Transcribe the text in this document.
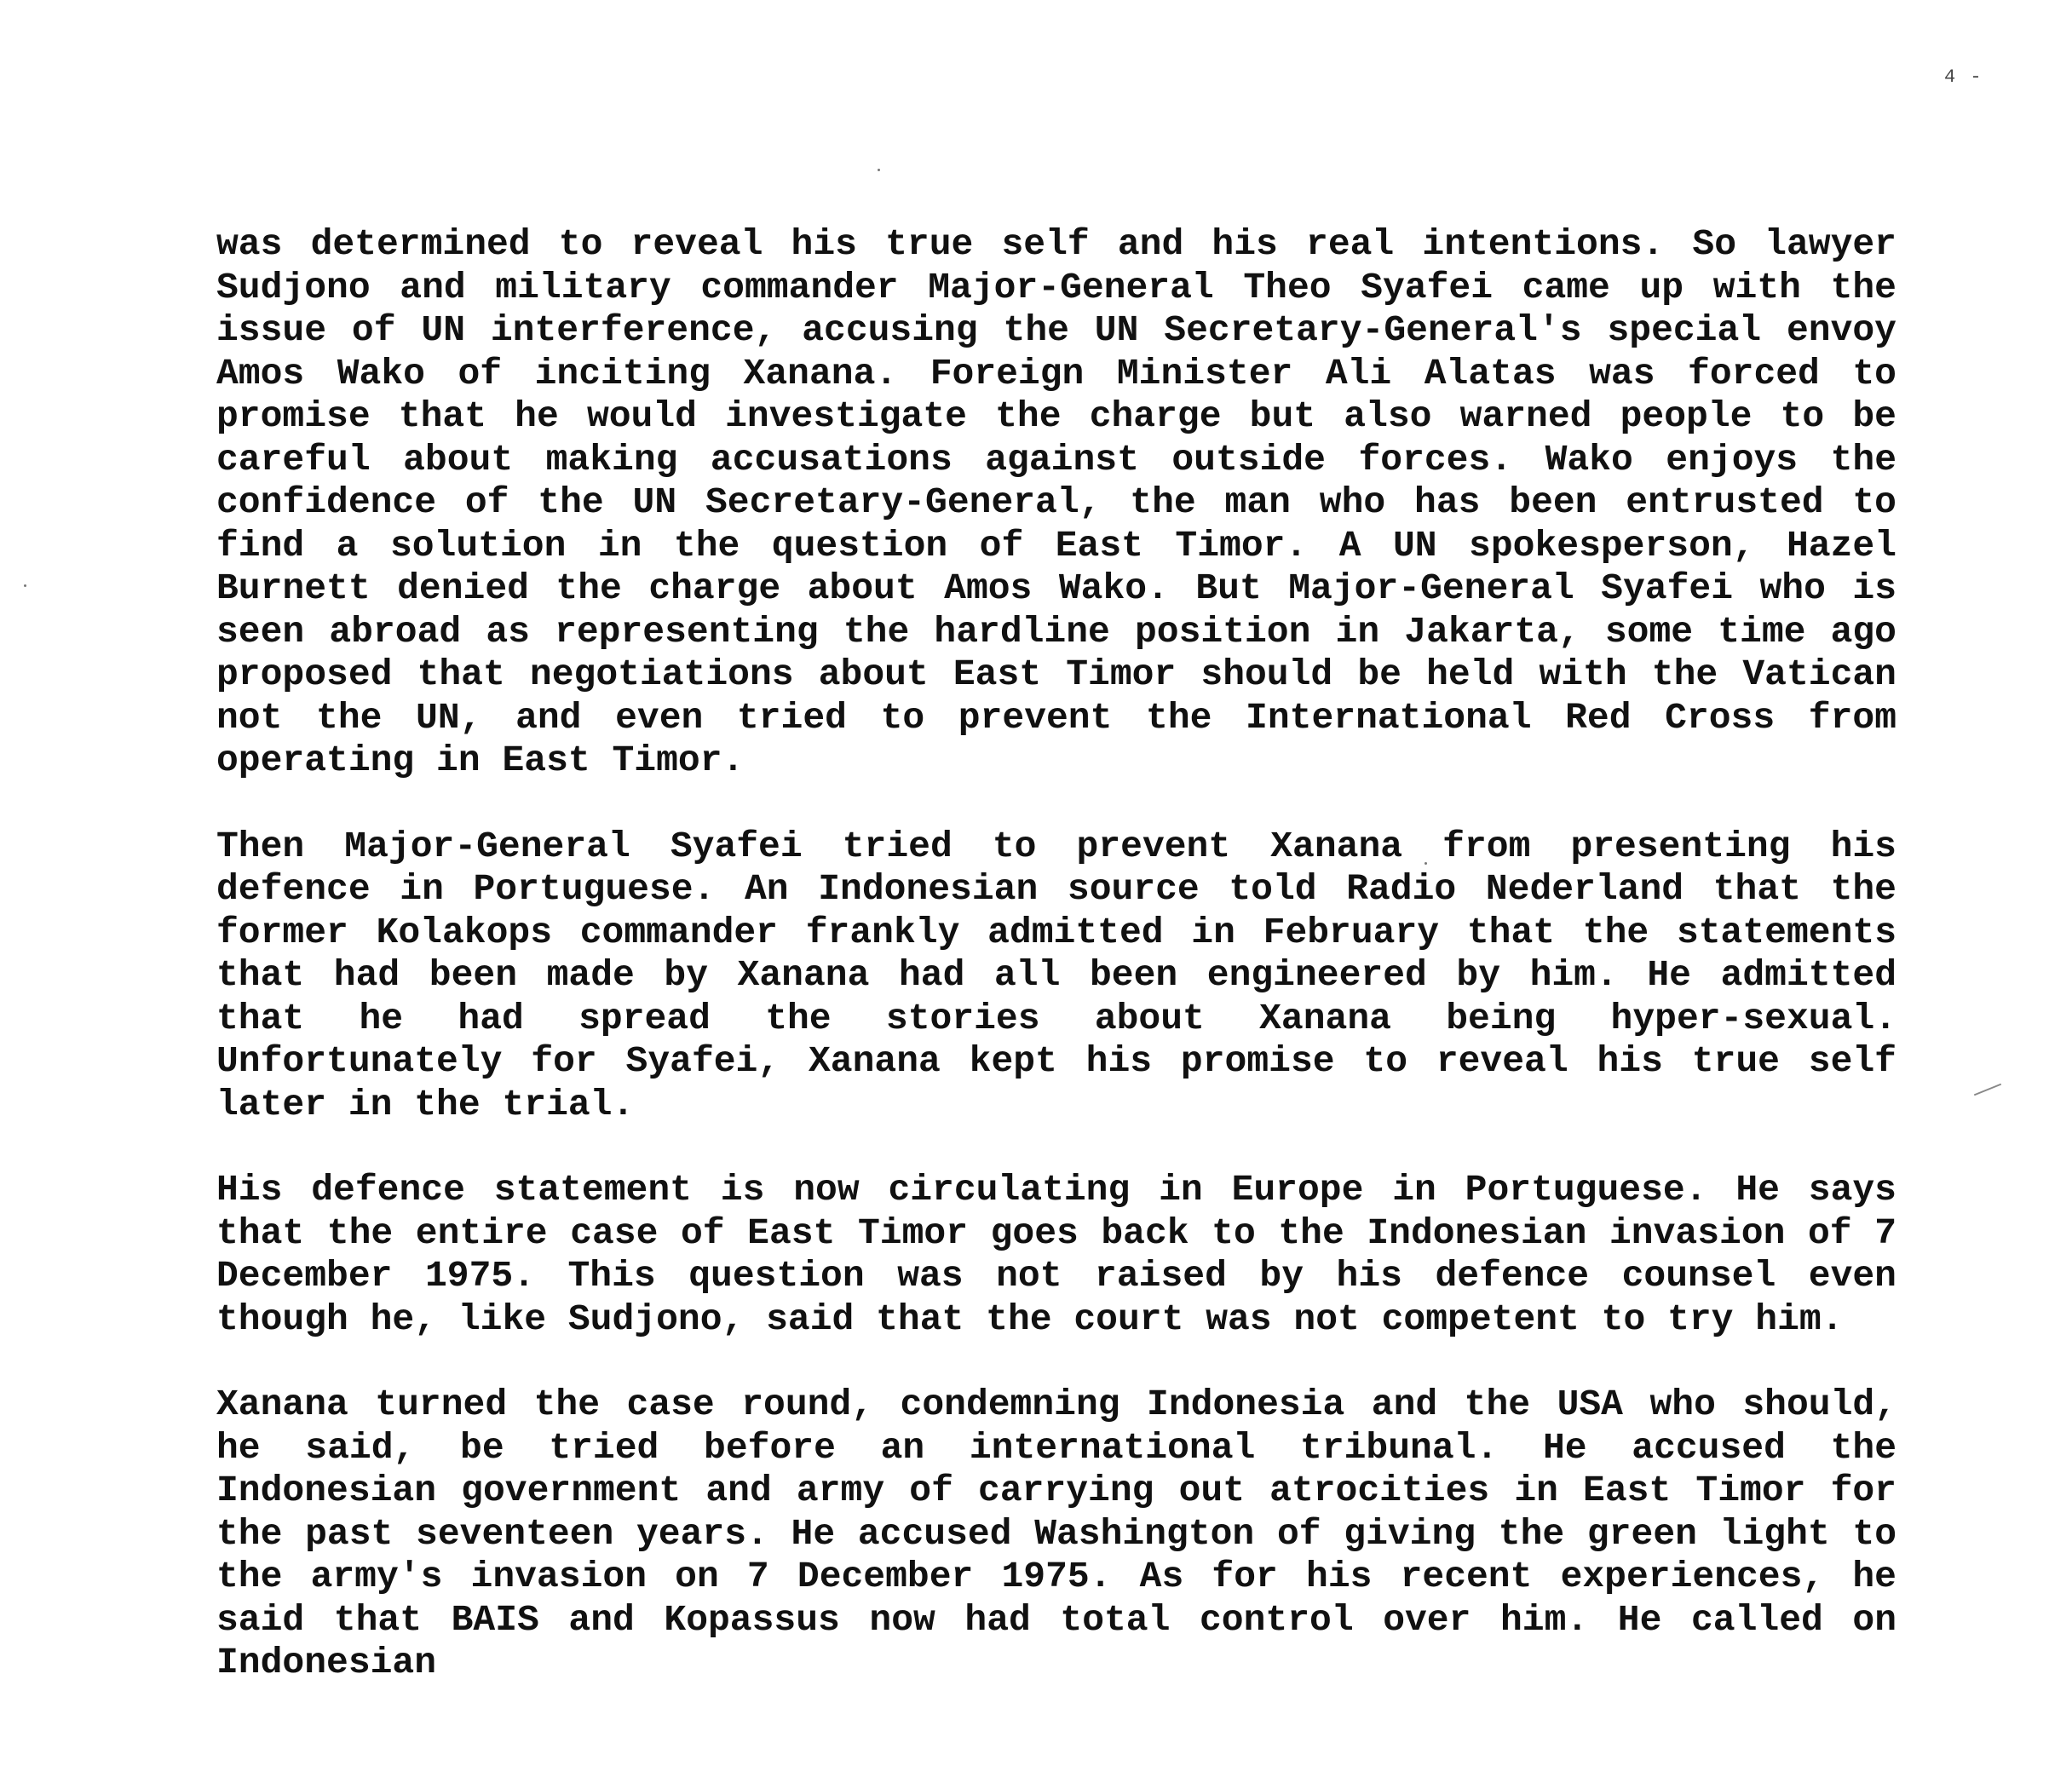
4 -

was determined to reveal his true self and his real intentions. So lawyer Sudjono and military commander Major-General Theo Syafei came up with the issue of UN interference, accusing the UN Secretary-General's special envoy Amos Wako of inciting Xanana. Foreign Minister Ali Alatas was forced to promise that he would investigate the charge but also warned people to be careful about making accusations against outside forces. Wako enjoys the confidence of the UN Secretary-General, the man who has been entrusted to find a solution in the question of East Timor. A UN spokesperson, Hazel Burnett denied the charge about Amos Wako. But Major-General Syafei who is seen abroad as representing the hardline position in Jakarta, some time ago proposed that negotiations about East Timor should be held with the Vatican not the UN, and even tried to prevent the International Red Cross from operating in East Timor.

Then Major-General Syafei tried to prevent Xanana from presenting his defence in Portuguese. An Indonesian source told Radio Nederland that the former Kolakops commander frankly admitted in February that the statements that had been made by Xanana had all been engineered by him. He admitted that he had spread the stories about Xanana being hyper-sexual. Unfortunately for Syafei, Xanana kept his promise to reveal his true self later in the trial.

His defence statement is now circulating in Europe in Portuguese. He says that the entire case of East Timor goes back to the Indonesian invasion of 7 December 1975. This question was not raised by his defence counsel even though he, like Sudjono, said that the court was not competent to try him.

Xanana turned the case round, condemning Indonesia and the USA who should, he said, be tried before an international tribunal. He accused the Indonesian government and army of carrying out atrocities in East Timor for the past seventeen years. He accused Washington of giving the green light to the army's invasion on 7 December 1975. As for his recent experiences, he said that BAIS and Kopassus now had total control over him. He called on Indonesian
